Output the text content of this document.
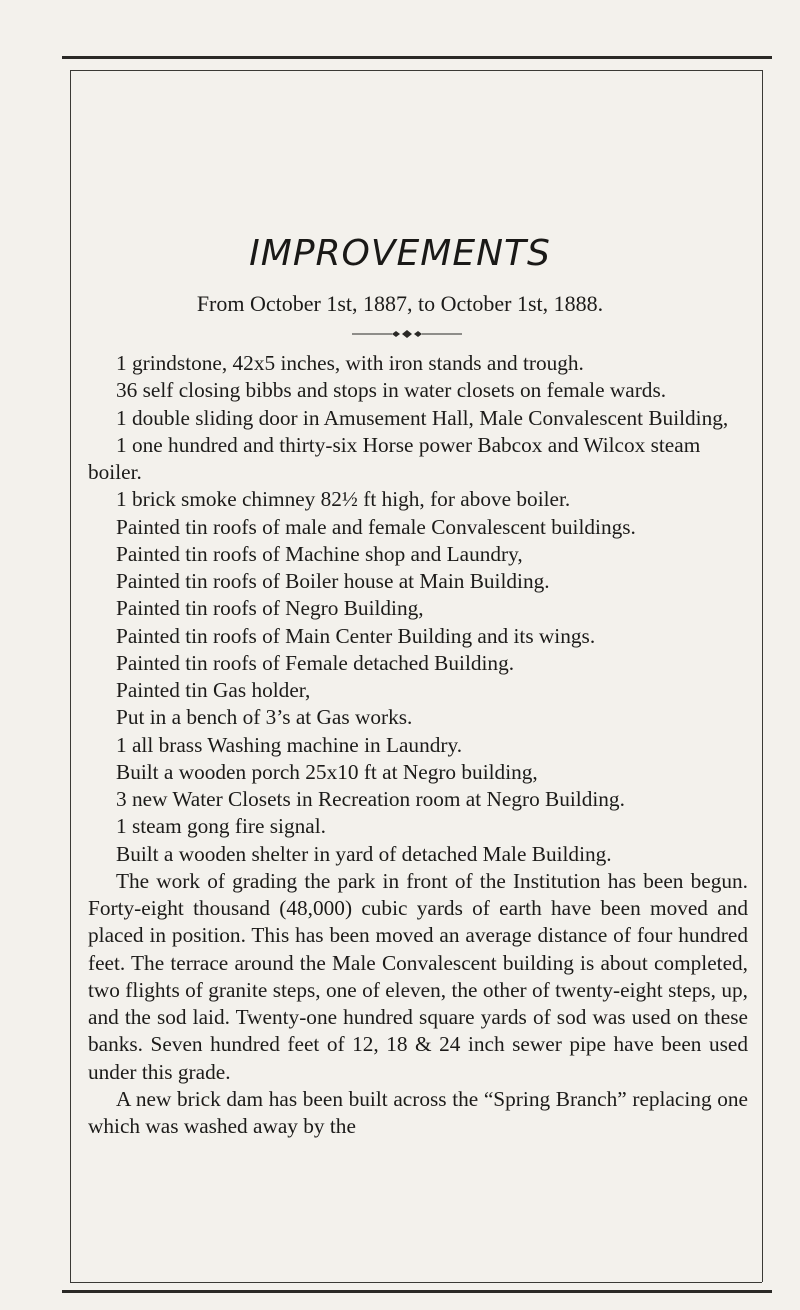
IMPROVEMENTS
From October 1st, 1887, to October 1st, 1888.

1 grindstone, 42x5 inches, with iron stands and trough.

36 self closing bibbs and stops in water closets on female wards.

1 double sliding door in Amusement Hall, Male Convalescent Building,

1 one hundred and thirty-six Horse power Babcox and Wilcox steam boiler.

1 brick smoke chimney 82½ ft high, for above boiler.

Painted tin roofs of male and female Convalescent buildings.

Painted tin roofs of Machine shop and Laundry,

Painted tin roofs of Boiler house at Main Building.

Painted tin roofs of Negro Building,

Painted tin roofs of Main Center Building and its wings.

Painted tin roofs of Female detached Building.

Painted tin Gas holder,

Put in a bench of 3’s at Gas works.

1 all brass Washing machine in Laundry.

Built a wooden porch 25x10 ft at Negro building,

3 new Water Closets in Recreation room at Negro Building.

1 steam gong fire signal.

Built a wooden shelter in yard of detached Male Building.

The work of grading the park in front of the Institution has been begun. Forty-eight thousand (48,000) cubic yards of earth have been moved and placed in position. This has been moved an average distance of four hundred feet. The terrace around the Male Convalescent building is about completed, two flights of granite steps, one of eleven, the other of twenty-eight steps, up, and the sod laid. Twenty-one hundred square yards of sod was used on these banks. Seven hundred feet of 12, 18 & 24 inch sewer pipe have been used under this grade.

A new brick dam has been built across the “Spring Branch” replacing one which was washed away by the
